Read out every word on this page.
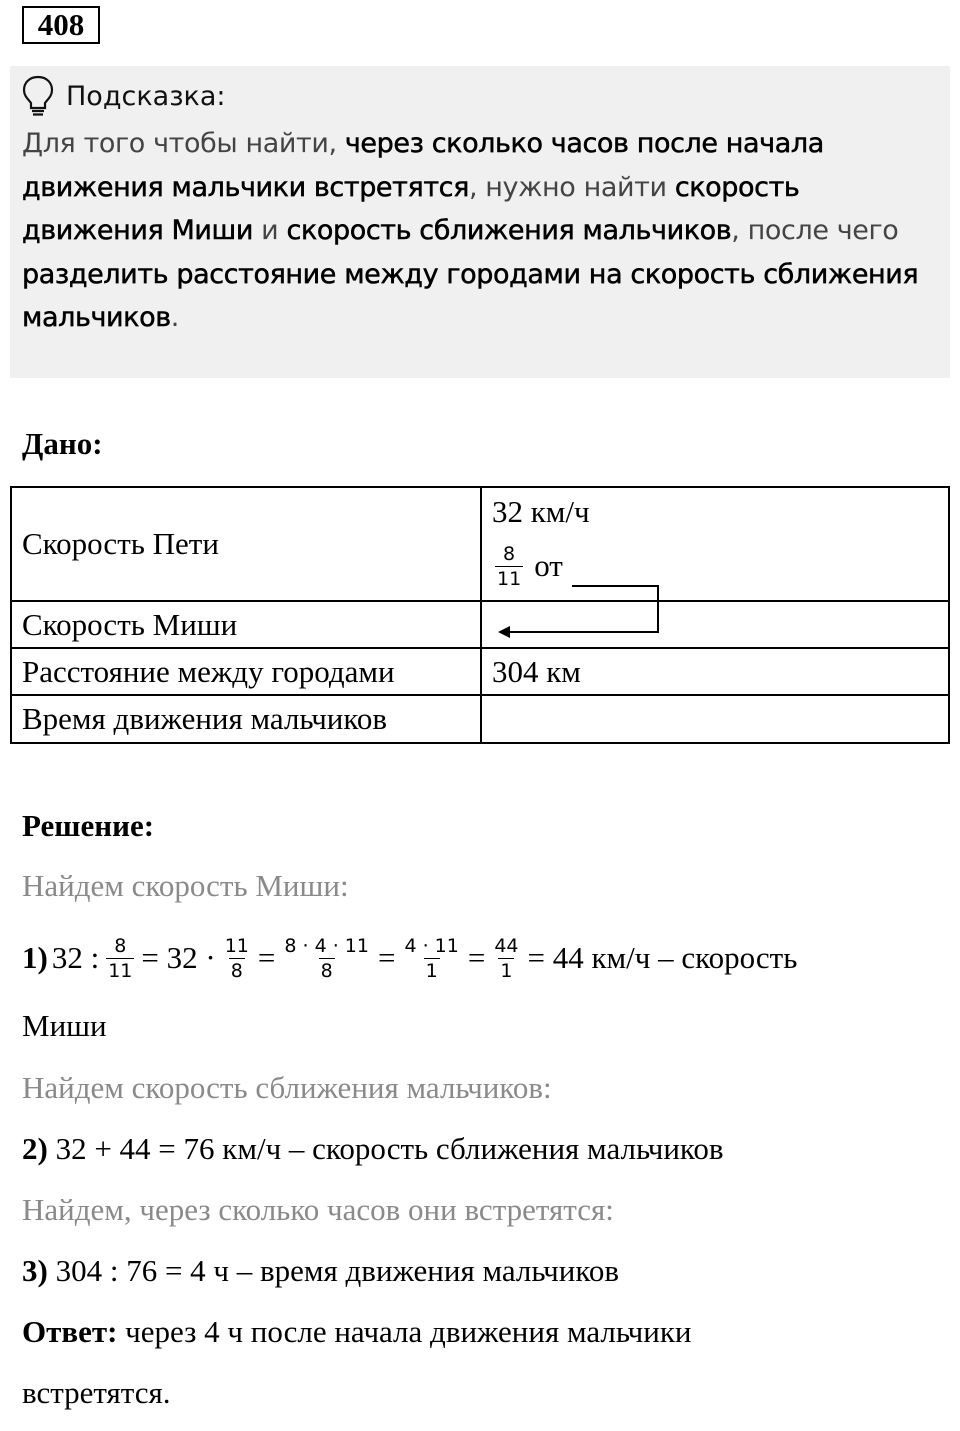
408
Подсказка:
Для того чтобы найти, через сколько часов после начала движения мальчики встретятся, нужно найти скорость движения Миши и скорость сближения мальчиков, после чего разделить расстояние между городами на скорость сближения мальчиков.
Дано:
Скорость Пети	32 км/ч
$\frac{8}{11}$ от

Скорость Миши	
Расстояние между городами	304 км
Время движения мальчиков	
Решение:
Найдем скорость Миши:
1) 32 : $\frac{8}{11} = 32 \cdot \frac{11}{8} = \frac{8 \cdot 4 \cdot 11}{8} = \frac{4 \cdot 11}{1} = \frac{44}{1} = 44$ км/ч – скорость
Миши
Найдем скорость сближения мальчиков:
2) 32 + 44 = 76 км/ч – скорость сближения мальчиков
Найдем, через сколько часов они встретятся:
3) 304 : 76 = 4 ч – время движения мальчиков
Ответ: через 4 ч после начала движения мальчики
встретятся.
